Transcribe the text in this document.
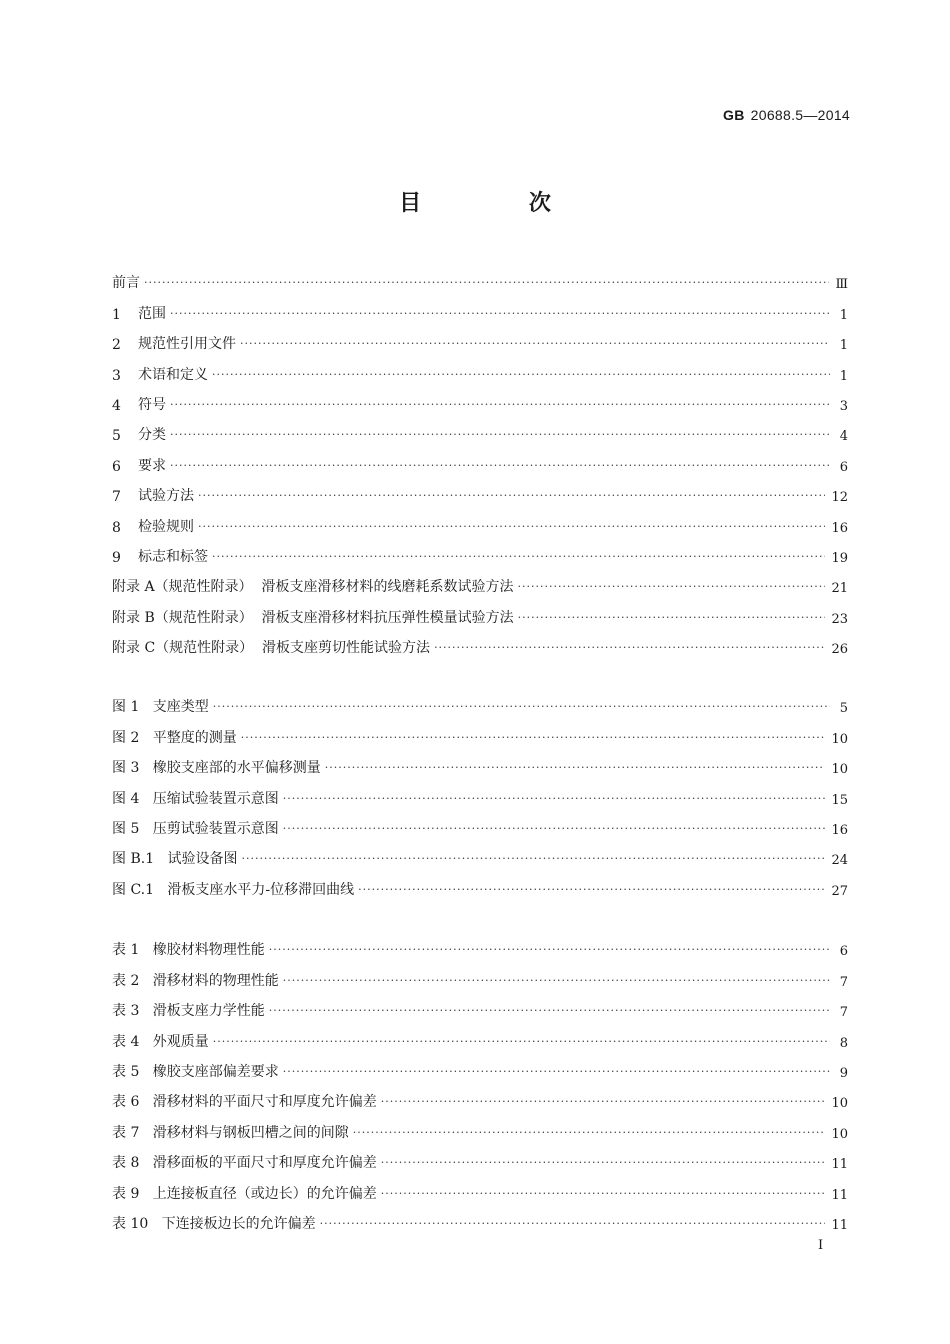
GB 20688.5—2014
目 次
前言 ·····	Ⅲ
1	范围 ·····	1
2	规范性引用文件 ·····	1
3	术语和定义 ·····	1
4	符号 ·····	3
5	分类 ·····	4
6	要求 ·····	6
7	试验方法 ·····	12
8	检验规则 ·····	16
9	标志和标签 ·····	19
附录 A（规范性附录）  滑板支座滑移材料的线磨耗系数试验方法 ·····	21
附录 B（规范性附录）  滑板支座滑移材料抗压弹性模量试验方法 ·····	23
附录 C（规范性附录）  滑板支座剪切性能试验方法 ·····	26
图 1   支座类型 ·····	5
图 2   平整度的测量 ·····	10
图 3   橡胶支座部的水平偏移测量 ·····	10
图 4   压缩试验装置示意图 ·····	15
图 5   压剪试验装置示意图 ·····	16
图 B.1   试验设备图 ·····	24
图 C.1   滑板支座水平力-位移滞回曲线 ·····	27
表 1   橡胶材料物理性能 ·····	6
表 2   滑移材料的物理性能 ·····	7
表 3   滑板支座力学性能 ·····	7
表 4   外观质量 ·····	8
表 5   橡胶支座部偏差要求 ·····	9
表 6   滑移材料的平面尺寸和厚度允许偏差 ·····	10
表 7   滑移材料与钢板凹槽之间的间隙 ·····	10
表 8   滑移面板的平面尺寸和厚度允许偏差 ·····	11
表 9   上连接板直径（或边长）的允许偏差 ·····	11
表 10   下连接板边长的允许偏差 ·····	11
I
